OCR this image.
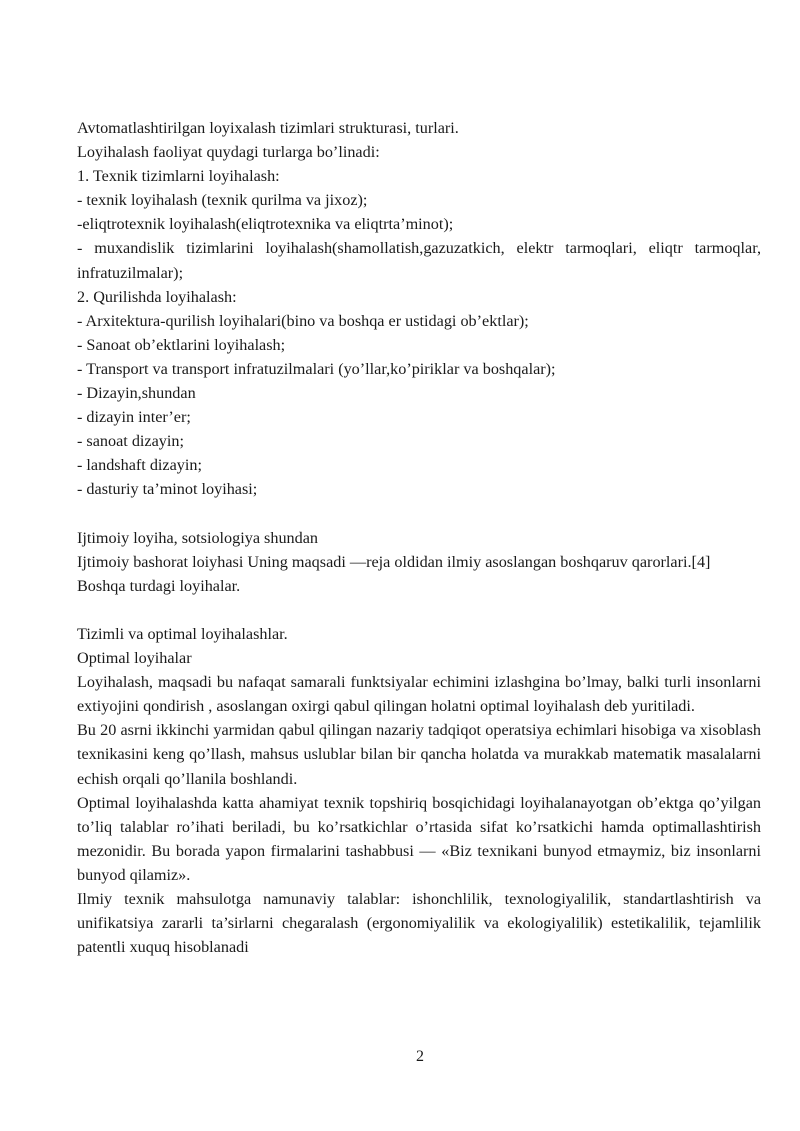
Avtomatlashtirilgan loyixalash tizimlari strukturasi, turlari.
Loyihalash faoliyat quydagi turlarga bo’linadi:
1. Texnik tizimlarni loyihalash:
- texnik loyihalash (texnik qurilma va jixoz);
-eliqtrotexnik loyihalash(eliqtrotexnika va eliqtrta’minot);
- muxandislik tizimlarini loyihalash(shamollatish,gazuzatkich, elektr tarmoqlari, eliqtr tarmoqlar, infratuzilmalar);
2. Qurilishda loyihalash:
- Arxitektura-qurilish loyihalari(bino va boshqa er ustidagi ob’ektlar);
- Sanoat ob’ektlarini loyihalash;
- Transport va transport infratuzilmalari (yo’llar,ko’piriklar va boshqalar);
- Dizayin,shundan
- dizayin inter’er;
- sanoat dizayin;
- landshaft dizayin;
- dasturiy ta’minot loyihasi;
Ijtimoiy loyiha, sotsiologiya shundan
Ijtimoiy bashorat loiyhasi Uning maqsadi —reja oldidan ilmiy asoslangan boshqaruv qarorlari.[4]
Boshqa turdagi loyihalar.
Tizimli va optimal loyihalashlar.
Optimal loyihalar
Loyihalash, maqsadi bu nafaqat samarali funktsiyalar echimini izlashgina bo’lmay, balki turli insonlarni extiyojini qondirish , asoslangan oxirgi qabul qilingan holatni optimal loyihalash deb yuritiladi.
Bu 20 asrni ikkinchi yarmidan qabul qilingan nazariy tadqiqot operatsiya echimlari hisobiga va xisoblash texnikasini keng qo’llash, mahsus uslublar bilan bir qancha holatda va murakkab matematik masalalarni echish orqali qo’llanila boshlandi.
Optimal loyihalashda katta ahamiyat texnik topshiriq bosqichidagi loyihalanayotgan ob’ektga qo’yilgan to’liq talablar ro’ihati beriladi, bu ko’rsatkichlar o’rtasida sifat ko’rsatkichi hamda optimallashtirish mezonidir. Bu borada yapon firmalarini tashabbusi — «Biz texnikani bunyod etmaymiz, biz insonlarni bunyod qilamiz».
Ilmiy texnik mahsulotga namunaviy talablar: ishonchlilik, texnologiyalilik, standartlashtirish va unifikatsiya zararli ta’sirlarni chegaralash (ergonomiyalilik va ekologiyalilik) estetikalilik, tejamlilik patentli xuquq hisoblanadi
2
